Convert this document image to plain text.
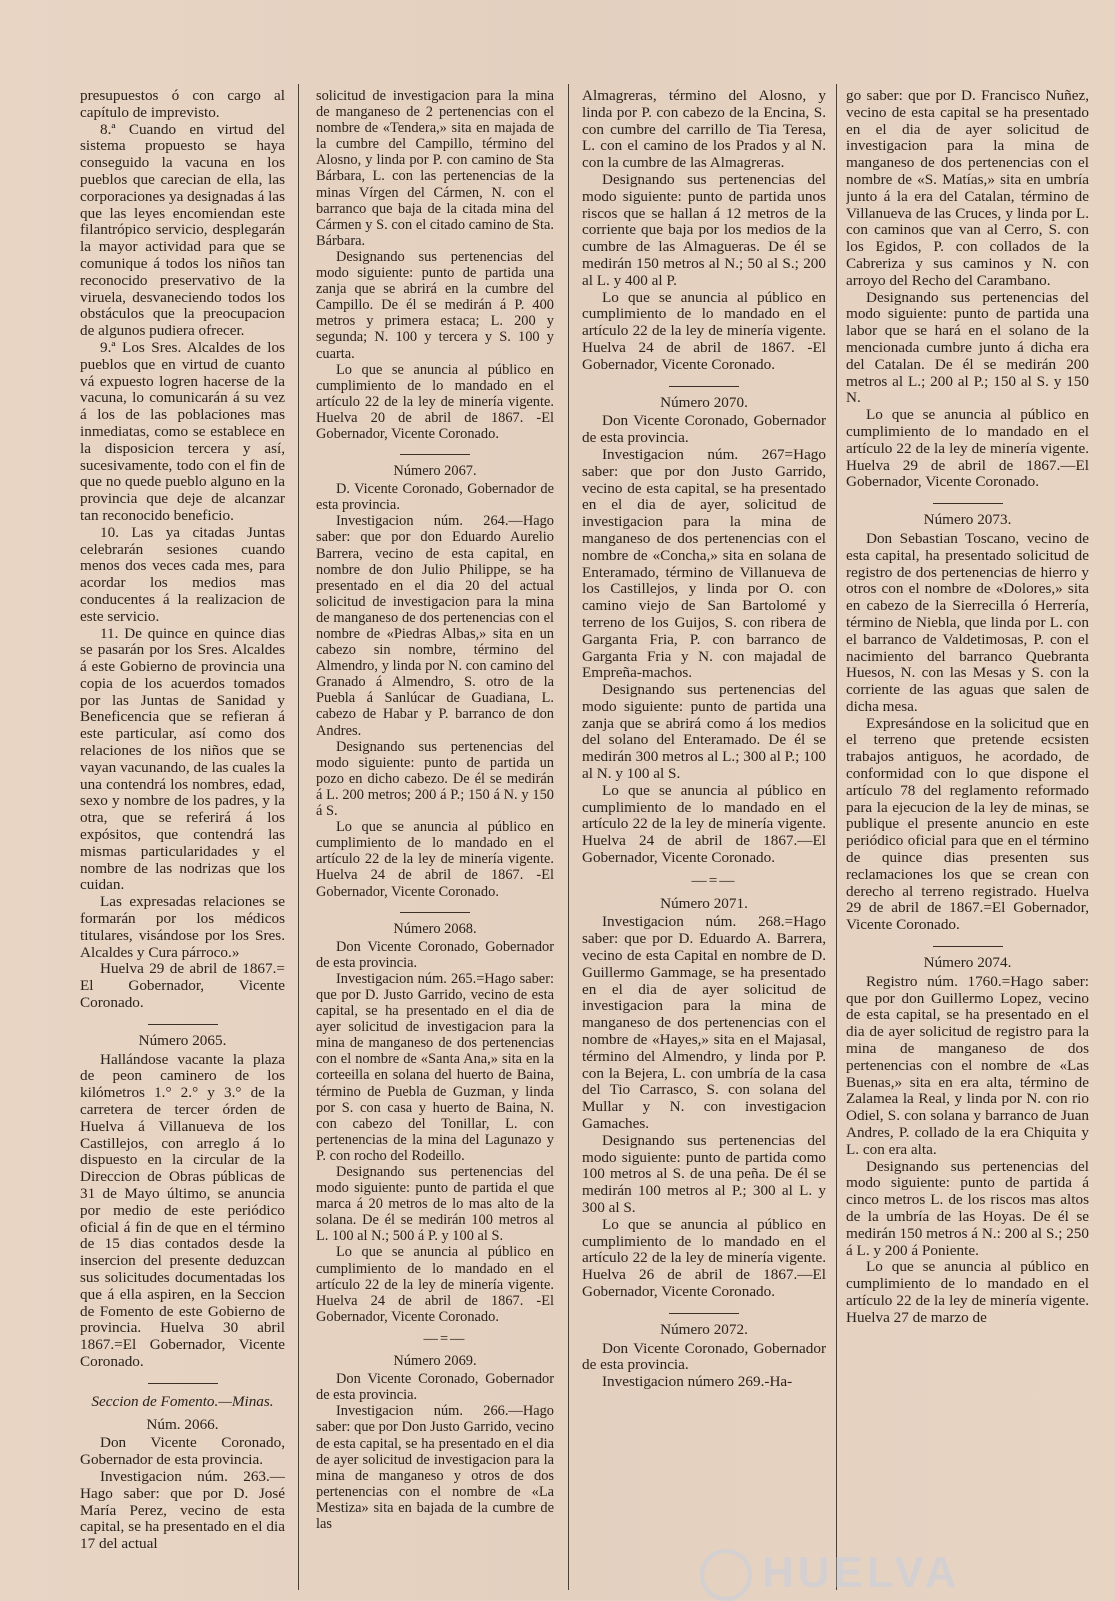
presupuestos ó con cargo al capítulo de imprevisto.

8.ª Cuando en virtud del sistema propuesto se haya conseguido la vacuna en los pueblos que carecian de ella, las corporaciones ya designadas á las que las leyes encomiendan este filantrópico servicio, desplegarán la mayor actividad para que se comunique á todos los niños tan reconocido preservativo de la viruela, desvaneciendo todos los obstáculos que la preocupacion de algunos pudiera ofrecer.

9.ª Los Sres. Alcaldes de los pueblos que en virtud de cuanto vá expuesto logren hacerse de la vacuna, lo comunicarán á su vez á los de las poblaciones mas inmediatas, como se establece en la disposicion tercera y así, sucesivamente, todo con el fin de que no quede pueblo alguno en la provincia que deje de alcanzar tan reconocido beneficio.

10. Las ya citadas Juntas celebrarán sesiones cuando menos dos veces cada mes, para acordar los medios mas conducentes á la realizacion de este servicio.

11. De quince en quince dias se pasarán por los Sres. Alcaldes á este Gobierno de provincia una copia de los acuerdos tomados por las Juntas de Sanidad y Beneficencia que se refieran á este particular, así como dos relaciones de los niños que se vayan vacunando, de las cuales la una contendrá los nombres, edad, sexo y nombre de los padres, y la otra, que se referirá á los expósitos, que contendrá las mismas particularidades y el nombre de las nodrizas que los cuidan.

Las expresadas relaciones se formarán por los médicos titulares, visándose por los Sres. Alcaldes y Cura párroco.»

Huelva 29 de abril de 1867.= El Gobernador, Vicente Coronado.

Número 2065.

Hallándose vacante la plaza de peon caminero de los kilómetros 1.° 2.° y 3.° de la carretera de tercer órden de Huelva á Villanueva de los Castillejos, con arreglo á lo dispuesto en la circular de la Direccion de Obras públicas de 31 de Mayo último, se anuncia por medio de este periódico oficial á fin de que en el término de 15 dias contados desde la insercion del presente deduzcan sus solicitudes documentadas los que á ella aspiren, en la Seccion de Fomento de este Gobierno de provincia. Huelva 30 abril 1867.=El Gobernador, Vicente Coronado.

Seccion de Fomento.—Minas.

Núm. 2066.

Don Vicente Coronado, Gobernador de esta provincia.

Investigacion núm. 263.—Hago saber: que por D. José María Perez, vecino de esta capital, se ha presentado en el dia 17 del actual

solicitud de investigacion para la mina de manganeso de 2 pertenencias con el nombre de «Tendera,» sita en majada de la cumbre del Campillo, término del Alosno, y linda por P. con camino de Sta Bárbara, L. con las pertenencias de la minas Vírgen del Cármen, N. con el barranco que baja de la citada mina del Cármen y S. con el citado camino de Sta. Bárbara.

Designando sus pertenencias del modo siguiente: punto de partida una zanja que se abrirá en la cumbre del Campillo. De él se medirán á P. 400 metros y primera estaca; L. 200 y segunda; N. 100 y tercera y S. 100 y cuarta.

Lo que se anuncia al público en cumplimiento de lo mandado en el artículo 22 de la ley de minería vigente. Huelva 20 de abril de 1867. -El Gobernador, Vicente Coronado.

Número 2067.

D. Vicente Coronado, Gobernador de esta provincia.

Investigacion núm. 264.—Hago saber: que por don Eduardo Aurelio Barrera, vecino de esta capital, en nombre de don Julio Philippe, se ha presentado en el dia 20 del actual solicitud de investigacion para la mina de manganeso de dos pertenencias con el nombre de «Piedras Albas,» sita en un cabezo sin nombre, término del Almendro, y linda por N. con camino del Granado á Almendro, S. otro de la Puebla á Sanlúcar de Guadiana, L. cabezo de Habar y P. barranco de don Andres.

Designando sus pertenencias del modo siguiente: punto de partida un pozo en dicho cabezo. De él se medirán á L. 200 metros; 200 á P.; 150 á N. y 150 á S.

Lo que se anuncia al público en cumplimiento de lo mandado en el artículo 22 de la ley de minería vigente. Huelva 24 de abril de 1867. -El Gobernador, Vicente Coronado.

Número 2068.

Don Vicente Coronado, Gobernador de esta provincia.

Investigacion núm. 265.=Hago saber: que por D. Justo Garrido, vecino de esta capital, se ha presentado en el dia de ayer solicitud de investigacion para la mina de manganeso de dos pertenencias con el nombre de «Santa Ana,» sita en la corteeilla en solana del huerto de Baina, término de Puebla de Guzman, y linda por S. con casa y huerto de Baina, N. con cabezo del Tonillar, L. con pertenencias de la mina del Lagunazo y P. con rocho del Rodeillo.

Designando sus pertenencias del modo siguiente: punto de partida el que marca á 20 metros de lo mas alto de la solana. De él se medirán 100 metros al L. 100 al N.; 500 á P. y 100 al S.

Lo que se anuncia al público en cumplimiento de lo mandado en el artículo 22 de la ley de minería vigente. Huelva 24 de abril de 1867. -El Gobernador, Vicente Coronado.

—=—

Número 2069.

Don Vicente Coronado, Gobernador de esta provincia.

Investigacion núm. 266.—Hago saber: que por Don Justo Garrido, vecino de esta capital, se ha presentado en el dia de ayer solicitud de investigacion para la mina de manganeso y otros de dos pertenencias con el nombre de «La Mestiza» sita en bajada de la cumbre de las

Almagreras, término del Alosno, y linda por P. con cabezo de la Encina, S. con cumbre del carrillo de Tia Teresa, L. con el camino de los Prados y al N. con la cumbre de las Almagreras.

Designando sus pertenencias del modo siguiente: punto de partida unos riscos que se hallan á 12 metros de la corriente que baja por los medios de la cumbre de las Almagueras. De él se medirán 150 metros al N.; 50 al S.; 200 al L. y 400 al P.

Lo que se anuncia al público en cumplimiento de lo mandado en el artículo 22 de la ley de minería vigente. Huelva 24 de abril de 1867. -El Gobernador, Vicente Coronado.

Número 2070.

Don Vicente Coronado, Gobernador de esta provincia.

Investigacion núm. 267=Hago saber: que por don Justo Garrido, vecino de esta capital, se ha presentado en el dia de ayer, solicitud de investigacion para la mina de manganeso de dos pertenencias con el nombre de «Concha,» sita en solana de Enteramado, término de Villanueva de los Castillejos, y linda por O. con camino viejo de San Bartolomé y terreno de los Guijos, S. con ribera de Garganta Fria, P. con barranco de Garganta Fria y N. con majadal de Empreña-machos.

Designando sus pertenencias del modo siguiente: punto de partida una zanja que se abrirá como á los medios del solano del Enteramado. De él se medirán 300 metros al L.; 300 al P.; 100 al N. y 100 al S.

Lo que se anuncia al público en cumplimiento de lo mandado en el artículo 22 de la ley de minería vigente. Huelva 24 de abril de 1867.—El Gobernador, Vicente Coronado.

—=—

Número 2071.

Investigacion núm. 268.=Hago saber: que por D. Eduardo A. Barrera, vecino de esta Capital en nombre de D. Guillermo Gammage, se ha presentado en el dia de ayer solicitud de investigacion para la mina de manganeso de dos pertenencias con el nombre de «Hayes,» sita en el Majasal, término del Almendro, y linda por P. con la Bejera, L. con umbría de la casa del Tio Carrasco, S. con solana del Mullar y N. con investigacion Gamaches.

Designando sus pertenencias del modo siguiente: punto de partida como 100 metros al S. de una peña. De él se medirán 100 metros al P.; 300 al L. y 300 al S.

Lo que se anuncia al público en cumplimiento de lo mandado en el artículo 22 de la ley de minería vigente. Huelva 26 de abril de 1867.—El Gobernador, Vicente Coronado.

Número 2072.

Don Vicente Coronado, Gobernador de esta provincia.

Investigacion número 269.-Ha-

go saber: que por D. Francisco Nuñez, vecino de esta capital se ha presentado en el dia de ayer solicitud de investigacion para la mina de manganeso de dos pertenencias con el nombre de «S. Matías,» sita en umbría junto á la era del Catalan, término de Villanueva de las Cruces, y linda por L. con caminos que van al Cerro, S. con los Egidos, P. con collados de la Cabreriza y sus caminos y N. con arroyo del Recho del Carambano.

Designando sus pertenencias del modo siguiente: punto de partida una labor que se hará en el solano de la mencionada cumbre junto á dicha era del Catalan. De él se medirán 200 metros al L.; 200 al P.; 150 al S. y 150 N.

Lo que se anuncia al público en cumplimiento de lo mandado en el artículo 22 de la ley de minería vigente. Huelva 29 de abril de 1867.—El Gobernador, Vicente Coronado.

Número 2073.

Don Sebastian Toscano, vecino de esta capital, ha presentado solicitud de registro de dos pertenencias de hierro y otros con el nombre de «Dolores,» sita en cabezo de la Sierrecilla ó Herrería, término de Niebla, que linda por L. con el barranco de Valdetimosas, P. con el nacimiento del barranco Quebranta Huesos, N. con las Mesas y S. con la corriente de las aguas que salen de dicha mesa.

Expresándose en la solicitud que en el terreno que pretende ecsisten trabajos antiguos, he acordado, de conformidad con lo que dispone el artículo 78 del reglamento reformado para la ejecucion de la ley de minas, se publique el presente anuncio en este periódico oficial para que en el término de quince dias presenten sus reclamaciones los que se crean con derecho al terreno registrado. Huelva 29 de abril de 1867.=El Gobernador, Vicente Coronado.

Número 2074.

Registro núm. 1760.=Hago saber: que por don Guillermo Lopez, vecino de esta capital, se ha presentado en el dia de ayer solicitud de registro para la mina de manganeso de dos pertenencias con el nombre de «Las Buenas,» sita en era alta, término de Zalamea la Real, y linda por N. con rio Odiel, S. con solana y barranco de Juan Andres, P. collado de la era Chiquita y L. con era alta.

Designando sus pertenencias del modo siguiente: punto de partida á cinco metros L. de los riscos mas altos de la umbría de las Hoyas. De él se medirán 150 metros á N.: 200 al S.; 250 á L. y 200 á Poniente.

Lo que se anuncia al público en cumplimiento de lo mandado en el artículo 22 de la ley de minería vigente. Huelva 27 de marzo de

HUELVA
